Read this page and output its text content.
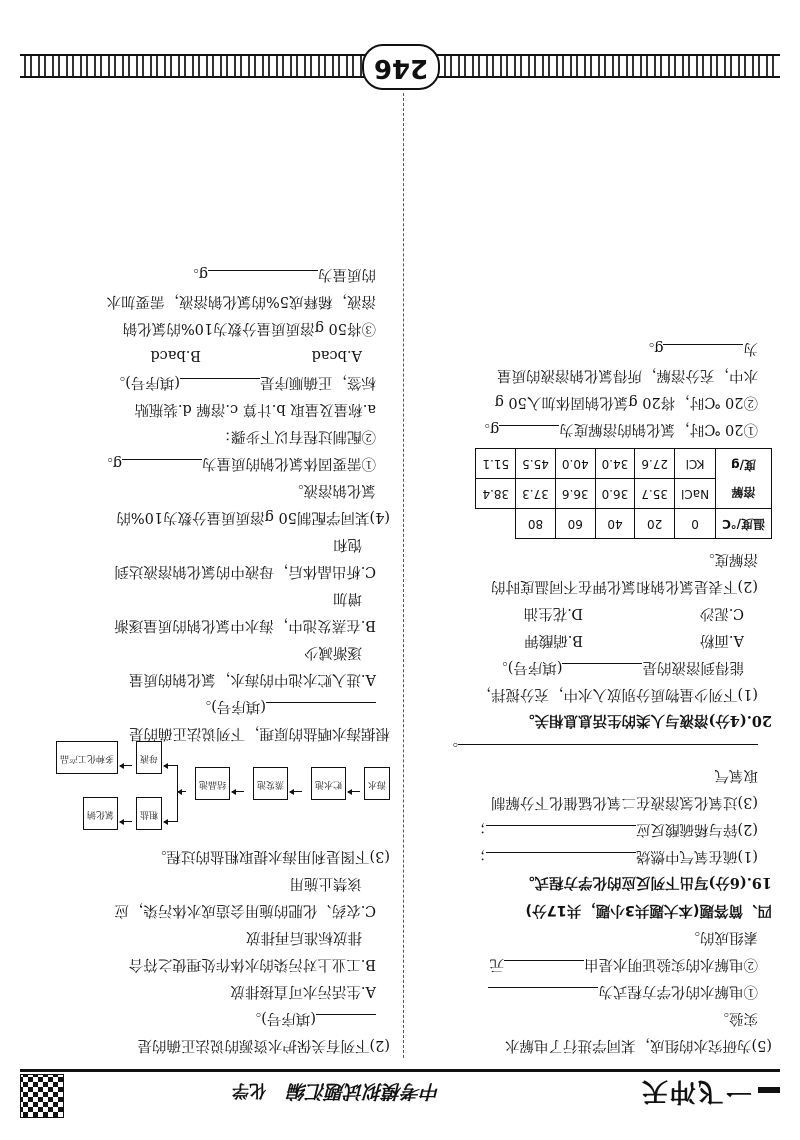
一飞冲天
中考模拟试题汇编化学
(5)为研究水的组成，某同学进行了电解水
实验。
①电解水的化学方程式为
②电解水的实验证明水是由元
素组成的。
四、简答题(本大题共3小题，共17分)
19.(6分)写出下列反应的化学方程式。
(1)硫在氧气中燃烧；
(2)锌与稀硫酸反应；
(3)过氧化氢溶液在二氧化锰催化下分解制
取氧气
。
20.(4分)溶液与人类的生活息息相关。
(1)下列少量物质分别放入水中，充分搅拌，
能得到溶液的是(填序号)。
A.面粉
B.硝酸钾
C.泥沙
D.花生油
(2)下表是氯化钠和氯化钾在不同温度时的
溶解度。
温度/℃	0	20	40	60	80	
溶解
度/g	NaCl	35.7	36.0	36.6	37.3	38.4
	KCl	27.6	34.0	40.0	45.5	51.1
①20 ℃时，氯化钠的溶解度为g。
②20 ℃时，将20 g氯化钠固体加入50 g
水中，充分溶解，所得氯化钠溶液的质量
为g。
(2)下列有关保护水资源的说法正确的是
(填序号)。
A.生活污水可直接排放
B.工业上对污染的水体作处理使之符合
排放标准后再排放
C.农药、化肥的施用会造成水体污染，应
该禁止施用
(3)下图是利用海水提取粗盐的过程。
海水
贮水池
蒸发池
结晶池
粗盐
氯化钠
母液
多种化工产品
根据海水晒盐的原理，下列说法正确的是
(填序号)。
A.进入贮水池中的海水，氯化钠的质量
逐渐减少
B.在蒸发池中，海水中氯化钠的质量逐渐
增加
C.析出晶体后，母液中的氯化钠溶液达到
饱和
(4)某同学配制50 g溶质质量分数为10%的
氯化钠溶液。
①需要固体氯化钠的质量为g。
②配制过程有以下步骤：
a.称量及量取 b.计算 c.溶解 d.装瓶贴
标签，正确顺序是(填序号)。
A.bcad
B.bacd
③将50 g溶质质量分数为10%的氯化钠
溶液，稀释成5%的氯化钠溶液，需要加水
的质量为g。
246
